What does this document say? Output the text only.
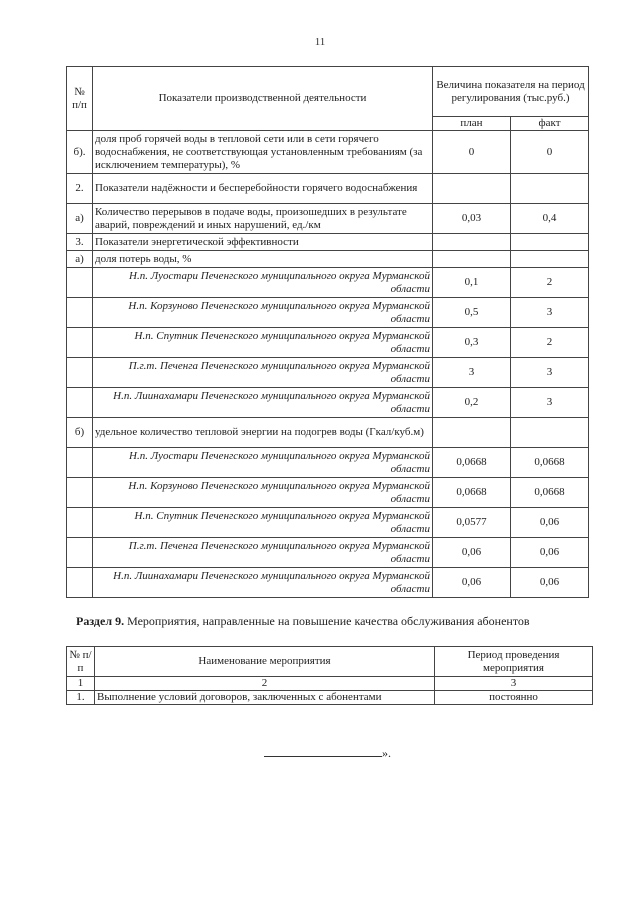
11
№ п/п	Показатели производственной деятельности	Величина показателя на период регулирования (тыс.руб.)	
		план	факт
б).	доля проб горячей воды в тепловой сети или в сети горячего водоснабжения, не соответствующая установленным требованиям (за исключением температуры), %	0	0
2.	Показатели надёжности и бесперебойности горячего водоснабжения		
а)	Количество перерывов в подаче воды, произошедших в результате аварий, повреждений и иных нарушений, ед./км	0,03	0,4
3.	Показатели энергетической эффективности		
а)	доля потерь воды, %		
	Н.п. Луостари Печенгского муниципального округа Мурманской области	0,1	2
	Н.п. Корзуново Печенгского муниципального округа Мурманской области	0,5	3
	Н.п. Спутник Печенгского муниципального округа Мурманской области	0,3	2
	П.г.т. Печенга Печенгского муниципального округа Мурманской области	3	3
	Н.п. Лиинахамари Печенгского муниципального округа Мурманской области	0,2	3
б)	удельное количество тепловой энергии на подогрев воды (Гкал/куб.м)		
	Н.п. Луостари Печенгского муниципального округа Мурманской области	0,0668	0,0668
	Н.п. Корзуново Печенгского муниципального округа Мурманской области	0,0668	0,0668
	Н.п. Спутник Печенгского муниципального округа Мурманской области	0,0577	0,06
	П.г.т. Печенга Печенгского муниципального округа Мурманской области	0,06	0,06
	Н.п. Лиинахамари Печенгского муниципального округа Мурманской области	0,06	0,06
Раздел 9. Мероприятия, направленные на повышение качества обслуживания абонентов
№ п/п	Наименование мероприятия	Период проведения мероприятия
1	2	3
1.	Выполнение условий договоров, заключенных с абонентами	постоянно
».
